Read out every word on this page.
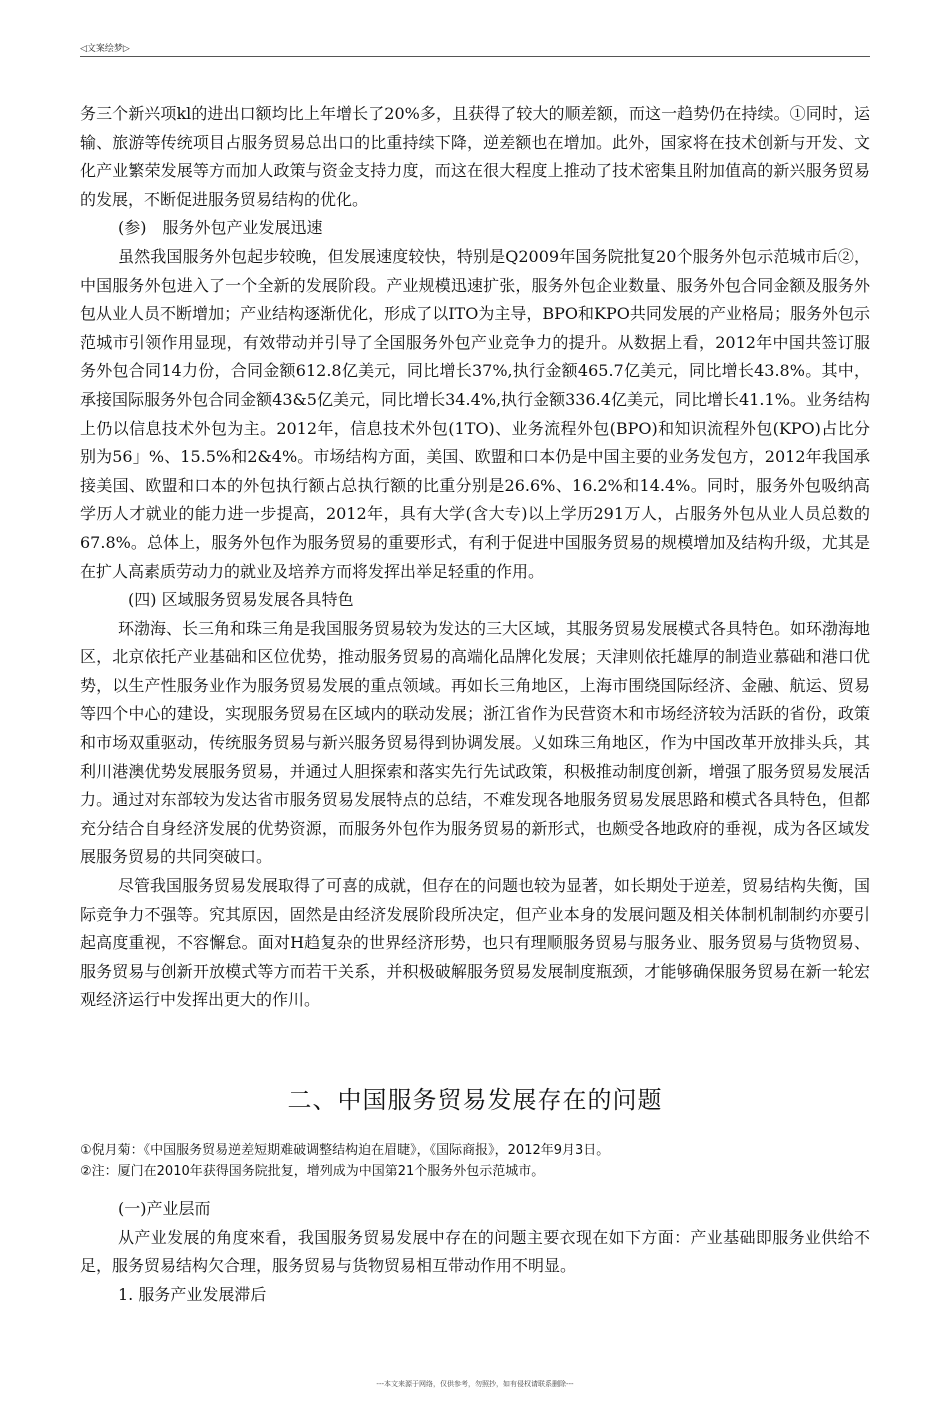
◁文案绘梦▷

务三个新兴项kl的进出口额均比上年增长了20%多，且获得了较大的顺差额，而这一趋势仍在持续。①同时，运输、旅游等传统项目占服务贸易总出口的比重持续下降，逆差额也在增加。此外，国家将在技术创新与开发、文化产业繁荣发展等方而加人政策与资金支持力度，而这在很大程度上推动了技术密集且附加值高的新兴服务贸易的发展，不断促进服务贸易结构的优化。

(参)　服务外包产业发展迅速

虽然我国服务外包起步较晚，但发展速度较快，特别是Q2009年国务院批复20个服务外包示范城市后②，中国服务外包进入了一个全新的发展阶段。产业规模迅速扩张，服务外包企业数量、服务外包合同金额及服务外包从业人员不断增加；产业结构逐渐优化，形成了以ITO为主导，BPO和KPO共同发展的产业格局；服务外包示范城市引领作用显现，有效带动并引导了全国服务外包产业竞争力的提升。从数据上看，2012年中国共签订服务外包合同14力份，合同金额612.8亿美元，同比增长37%,执行金额465.7亿美元，同比增长43.8%。其中，承接国际服务外包合同金额43&5亿美元，同比增长34.4%,执行金额336.4亿美元，同比增长41.1%。业务结构上仍以信息技术外包为主。2012年，信息技术外包(1TO)、业务流程外包(BPO)和知识流程外包(KPO)占比分别为56」%、15.5%和2&4%。市场结构方面，美国、欧盟和口本仍是中国主要的业务发包方，2012年我国承接美国、欧盟和口本的外包执行额占总执行额的比重分别是26.6%、16.2%和14.4%。同时，服务外包吸纳高学历人才就业的能力进一步提高，2012年，具有大学(含大专)以上学历291万人，占服务外包从业人员总数的67.8%。总体上，服务外包作为服务贸易的重要形式，有利于促进中国服务贸易的规模增加及结构升级，尤其是在扩人高素质劳动力的就业及培养方而将发挥出举足轻重的作用。

(四) 区域服务贸易发展各具特色

环渤海、长三角和珠三角是我国服务贸易较为发达的三大区域，其服务贸易发展模式各具特色。如环渤海地区，北京依托产业基础和区位优势，推动服务贸易的高端化品牌化发展；天津则依托雄厚的制造业慕础和港口优势，以生产性服务业作为服务贸易发展的重点领域。再如长三角地区，上海市围绕国际经济、金融、航运、贸易等四个中心的建设，实现服务贸易在区域内的联动发展；浙江省作为民营资木和市场经济较为活跃的省份，政策和市场双重驱动，传统服务贸易与新兴服务贸易得到协调发展。乂如珠三角地区，作为中国改革开放排头兵，其利川港澳优势发展服务贸易，并通过人胆探索和落实先行先试政策，积极推动制度创新，增强了服务贸易发展活力。通过对东部较为发达省市服务贸易发展特点的总结，不难发现各地服务贸易发展思路和模式各具特色，但都充分结合自身经济发展的优势资源，而服务外包作为服务贸易的新形式，也颇受各地政府的垂视，成为各区域发展服务贸易的共同突破口。

尽管我国服务贸易发展取得了可喜的成就，但存在的问题也较为显著，如长期处于逆差，贸易结构失衡，国际竞争力不强等。究其原因，固然是由经济发展阶段所决定，但产业本身的发展问题及相关体制机制制约亦要引起高度重视，不容懈怠。面对H趋复杂的世界经济形势，也只有理顺服务贸易与服务业、服务贸易与货物贸易、服务贸易与创新开放模式等方而若干关系，并积极破解服务贸易发展制度瓶颈，才能够确保服务贸易在新一轮宏观经济运行中发挥出更大的作川。

二、中国服务贸易发展存在的问题

①倪月菊：《中国服务贸易逆差短期难破调整结构迫在眉睫》，《国际商报》，2012年9月3日。

②注：厦门在2010年获得国务院批复，增列成为中国第21个服务外包示范城市。

(一)产业层而

从产业发展的角度來看，我国服务贸易发展中存在的问题主要衣现在如下方面：产业基础即服务业供给不足，服务贸易结构欠合理，服务贸易与货物贸易相互带动作用不明显。

1. 服务产业发展滞后

---本文来源于网络，仅供参考，勿照抄，如有侵权请联系删除---
